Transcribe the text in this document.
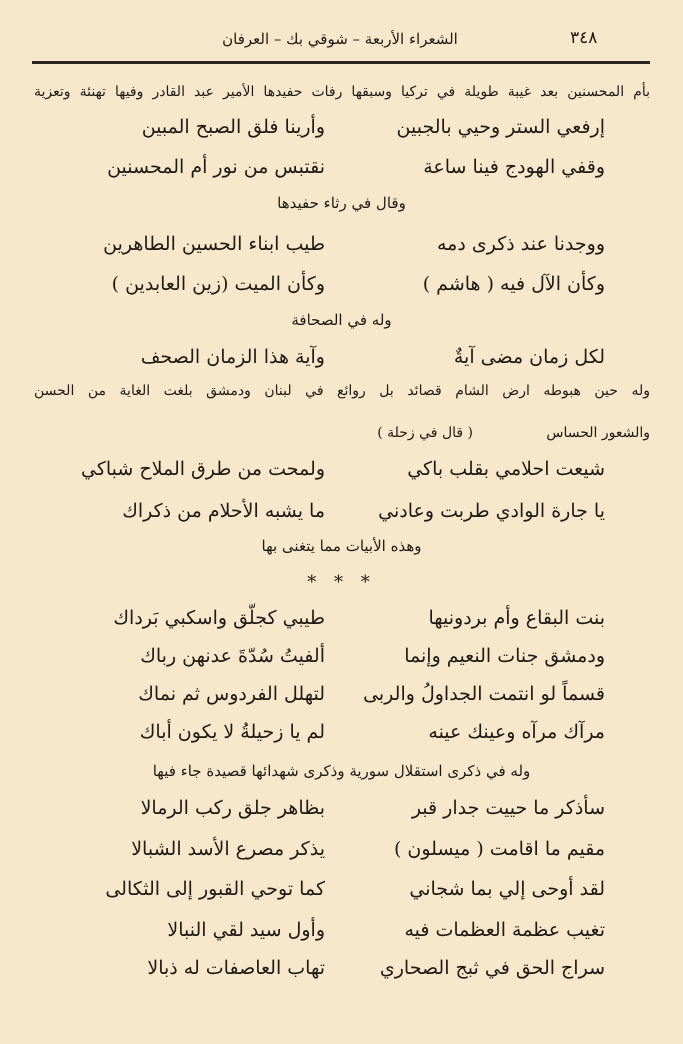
٣٤٨
الشعراء الأربعة – شوقي بك – العرفان
بأم المحسنين بعد غيبة طويلة في تركيا وسبقها رفات حفيدها الأمير عبد القادر وفيها تهنئة وتعزية
إرفعي الستر وحيي بالجبين
وأرينا فلق الصبح المبين
وقفي الهودج فينا ساعة
نقتبس من نور أم المحسنين
وقال في رثاء حفيدها
ووجدنا عند ذكرى دمه
طيب ابناء الحسين الطاهرين
وكأن الآل فيه ( هاشم )
وكأن الميت (زين العابدين )
وله في الصحافة
لكل زمان مضى آيةٌ
وآية هذا الزمان الصحف
وله حين هبوطه ارض الشام قصائد بل روائع في لبنان ودمشق بلغت الغاية من الحسن
والشعور الحساس
( قال في زحلة )
شيعت احلامي بقلب باكي
ولمحت من طرق الملاح شباكي
يا جارة الوادي طربت وعادني
ما يشبه الأحلام من ذكراك
وهذه الأبيات مما يتغنى بها
* * *
بنت البقاع وأم بردونيها
طيبي كجلّق واسكبي بَرداك
ودمشق جنات النعيم وإنما
ألفيتُ سُدّةَ عدنهن رباك
قسماً لو انتمت الجداولُ والربى
لتهلل الفردوس ثم نماك
مرآك مرآه وعينك عينه
لم يا زحيلةُ لا يكون أباك
وله في ذكرى استقلال سورية وذكرى شهدائها قصيدة جاء فيها
سأذكر ما حييت جدار قبر
بظاهر جلق ركب الرمالا
مقيم ما اقامت ( ميسلون )
يذكر مصرع الأسد الشبالا
لقد أوحى إلي بما شجاني
كما توحي القبور إلى الثكالى
تغيب عظمة العظمات فيه
وأول سيد لقي النبالا
سراج الحق في ثبج الصحاري
تهاب العاصفات له ذبالا
